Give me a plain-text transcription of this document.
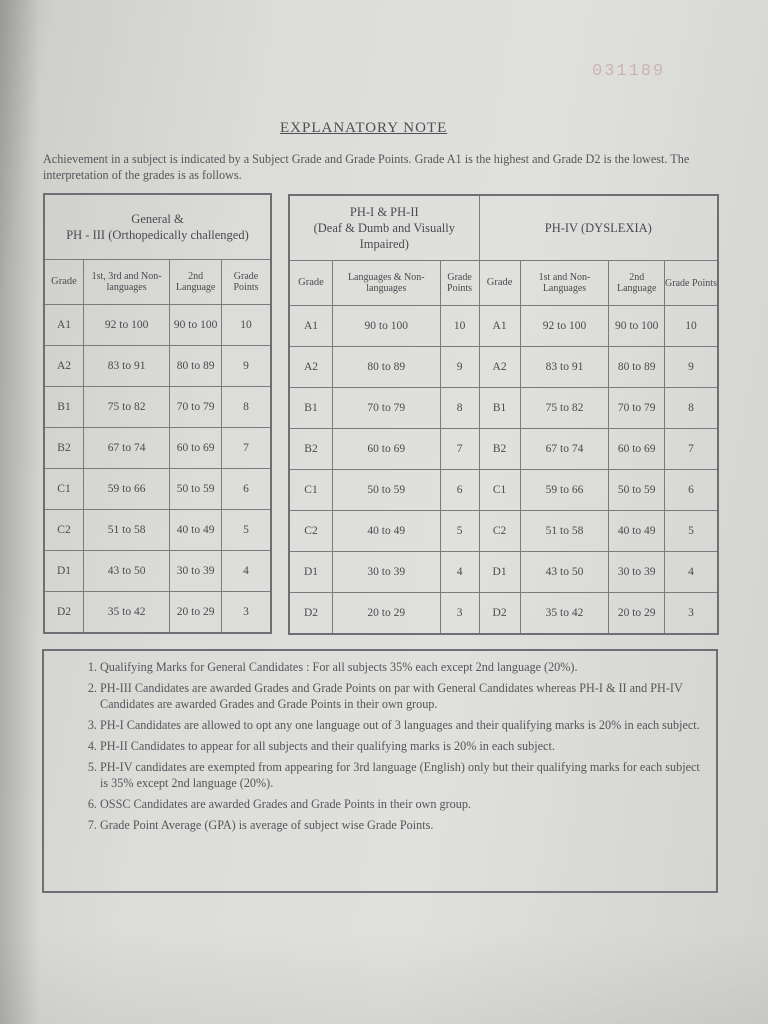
031189
EXPLANATORY NOTE
Achievement in a subject is indicated by a Subject Grade and Grade Points. Grade A1 is the highest and Grade D2 is the lowest. The interpretation of the grades is as follows.
General &
PH - III (Orthopedically challenged)			
Grade	1st, 3rd and Non-languages	2nd Language	Grade Points
A1	92 to 100	90 to 100	10
A2	83 to 91	80 to 89	9
B1	75 to 82	70 to 79	8
B2	67 to 74	60 to 69	7
C1	59 to 66	50 to 59	6
C2	51 to 58	40 to 49	5
D1	43 to 50	30 to 39	4
D2	35 to 42	20 to 29	3
PH-I & PH-II
(Deaf & Dumb and Visually Impaired)			PH-IV (DYSLEXIA)			
Grade	Languages & Non-languages	Grade Points	Grade	1st and Non-Languages	2nd Language	Grade Points
A1	90 to 100	10	A1	92 to 100	90 to 100	10
A2	80 to 89	9	A2	83 to 91	80 to 89	9
B1	70 to 79	8	B1	75 to 82	70 to 79	8
B2	60 to 69	7	B2	67 to 74	60 to 69	7
C1	50 to 59	6	C1	59 to 66	50 to 59	6
C2	40 to 49	5	C2	51 to 58	40 to 49	5
D1	30 to 39	4	D1	43 to 50	30 to 39	4
D2	20 to 29	3	D2	35 to 42	20 to 29	3
1. Qualifying Marks for General Candidates : For all subjects 35% each except 2nd language (20%).
2. PH-III Candidates are awarded Grades and Grade Points on par with General Candidates whereas PH-I & II and PH-IV Candidates are awarded Grades and Grade Points in their own group.
3. PH-I Candidates are allowed to opt any one language out of 3 languages and their qualifying marks is 20% in each subject.
4. PH-II Candidates to appear for all subjects and their qualifying marks is 20% in each subject.
5. PH-IV candidates are exempted from appearing for 3rd language (English) only but their qualifying marks for each subject is 35% except 2nd language (20%).
6. OSSC Candidates are awarded Grades and Grade Points in their own group.
7. Grade Point Average (GPA) is average of subject wise Grade Points.
